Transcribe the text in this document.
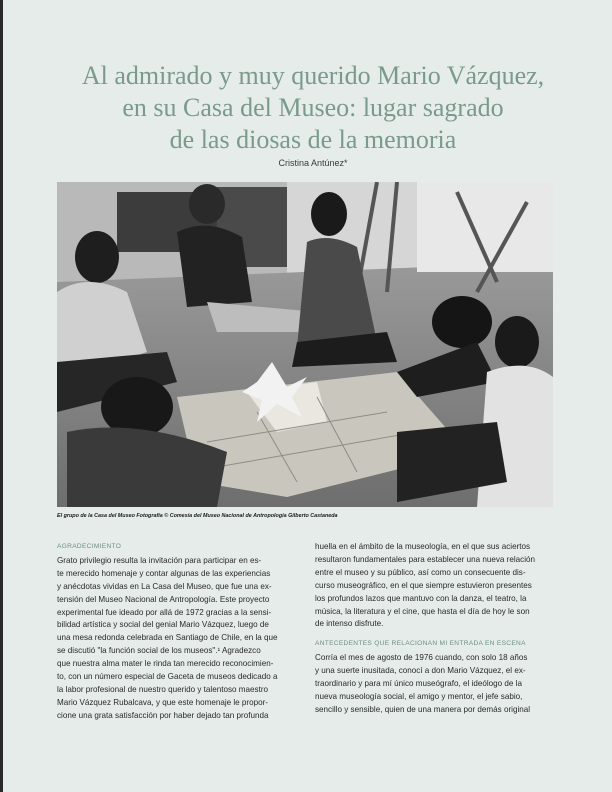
Al admirado y muy querido Mario Vázquez,
en su Casa del Museo: lugar sagrado
de las diosas de la memoria
Cristina Antúnez*
El grupo de la Casa del Museo Fotografía © Comesía del Museo Nacional de Antropología Gilberto Castaneda
AGRADECIMIENTO
Grato privilegio resulta la invitación para participar en es-
te merecido homenaje y contar algunas de las experiencias
y anécdotas vividas en La Casa del Museo, que fue una ex-
tensión del Museo Nacional de Antropología. Este proyecto
experimental fue ideado por allá de 1972 gracias a la sensi-
bilidad artística y social del genial Mario Vázquez, luego de
una mesa redonda celebrada en Santiago de Chile, en la que
se discutió "la función social de los museos".¹ Agradezco
que nuestra alma mater le rinda tan merecido reconocimien-
to, con un número especial de Gaceta de museos dedicado a
la labor profesional de nuestro querido y talentoso maestro
Mario Vázquez Rubalcava, y que este homenaje le propor-
cione una grata satisfacción por haber dejado tan profunda
huella en el ámbito de la museología, en el que sus aciertos
resultaron fundamentales para establecer una nueva relación
entre el museo y su público, así como un consecuente dis-
curso museográfico, en el que siempre estuvieron presentes
los profundos lazos que mantuvo con la danza, el teatro, la
música, la literatura y el cine, que hasta el día de hoy le son
de intenso disfrute.
ANTECEDENTES QUE RELACIONAN MI ENTRADA EN ESCENA
Corría el mes de agosto de 1976 cuando, con solo 18 años
y una suerte inusitada, conocí a don Mario Vázquez, el ex-
traordinario y para mí único museógrafo, el ideólogo de la
nueva museología social, el amigo y mentor, el jefe sabio,
sencillo y sensible, quien de una manera por demás original
